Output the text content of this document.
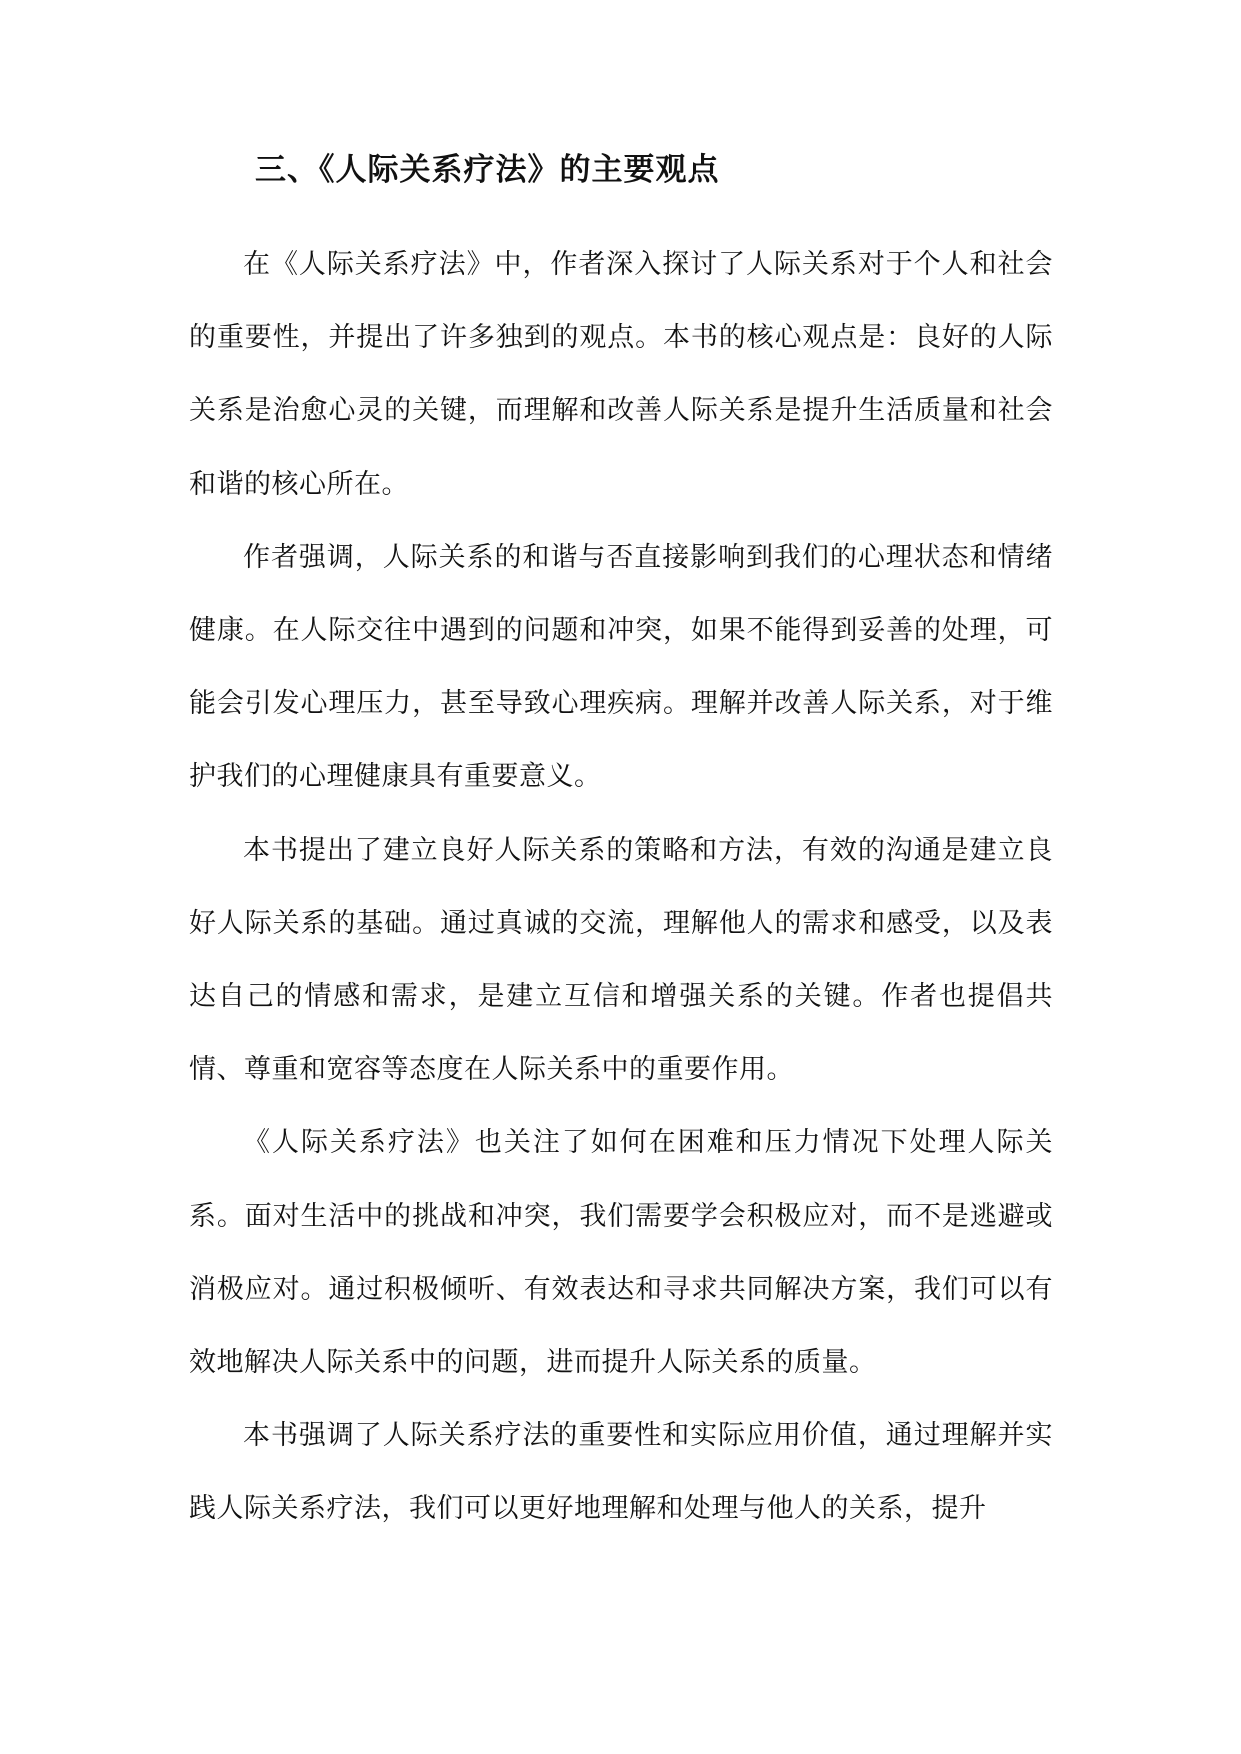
三、《人际关系疗法》的主要观点

在《人际关系疗法》中，作者深入探讨了人际关系对于个人和社会的重要性，并提出了许多独到的观点。本书的核心观点是：良好的人际关系是治愈心灵的关键，而理解和改善人际关系是提升生活质量和社会和谐的核心所在。

作者强调，人际关系的和谐与否直接影响到我们的心理状态和情绪健康。在人际交往中遇到的问题和冲突，如果不能得到妥善的处理，可能会引发心理压力，甚至导致心理疾病。理解并改善人际关系，对于维护我们的心理健康具有重要意义。

本书提出了建立良好人际关系的策略和方法，有效的沟通是建立良好人际关系的基础。通过真诚的交流，理解他人的需求和感受，以及表达自己的情感和需求，是建立互信和增强关系的关键。作者也提倡共情、尊重和宽容等态度在人际关系中的重要作用。

《人际关系疗法》也关注了如何在困难和压力情况下处理人际关系。面对生活中的挑战和冲突，我们需要学会积极应对，而不是逃避或消极应对。通过积极倾听、有效表达和寻求共同解决方案，我们可以有效地解决人际关系中的问题，进而提升人际关系的质量。

本书强调了人际关系疗法的重要性和实际应用价值，通过理解并实践人际关系疗法，我们可以更好地理解和处理与他人的关系，提升
